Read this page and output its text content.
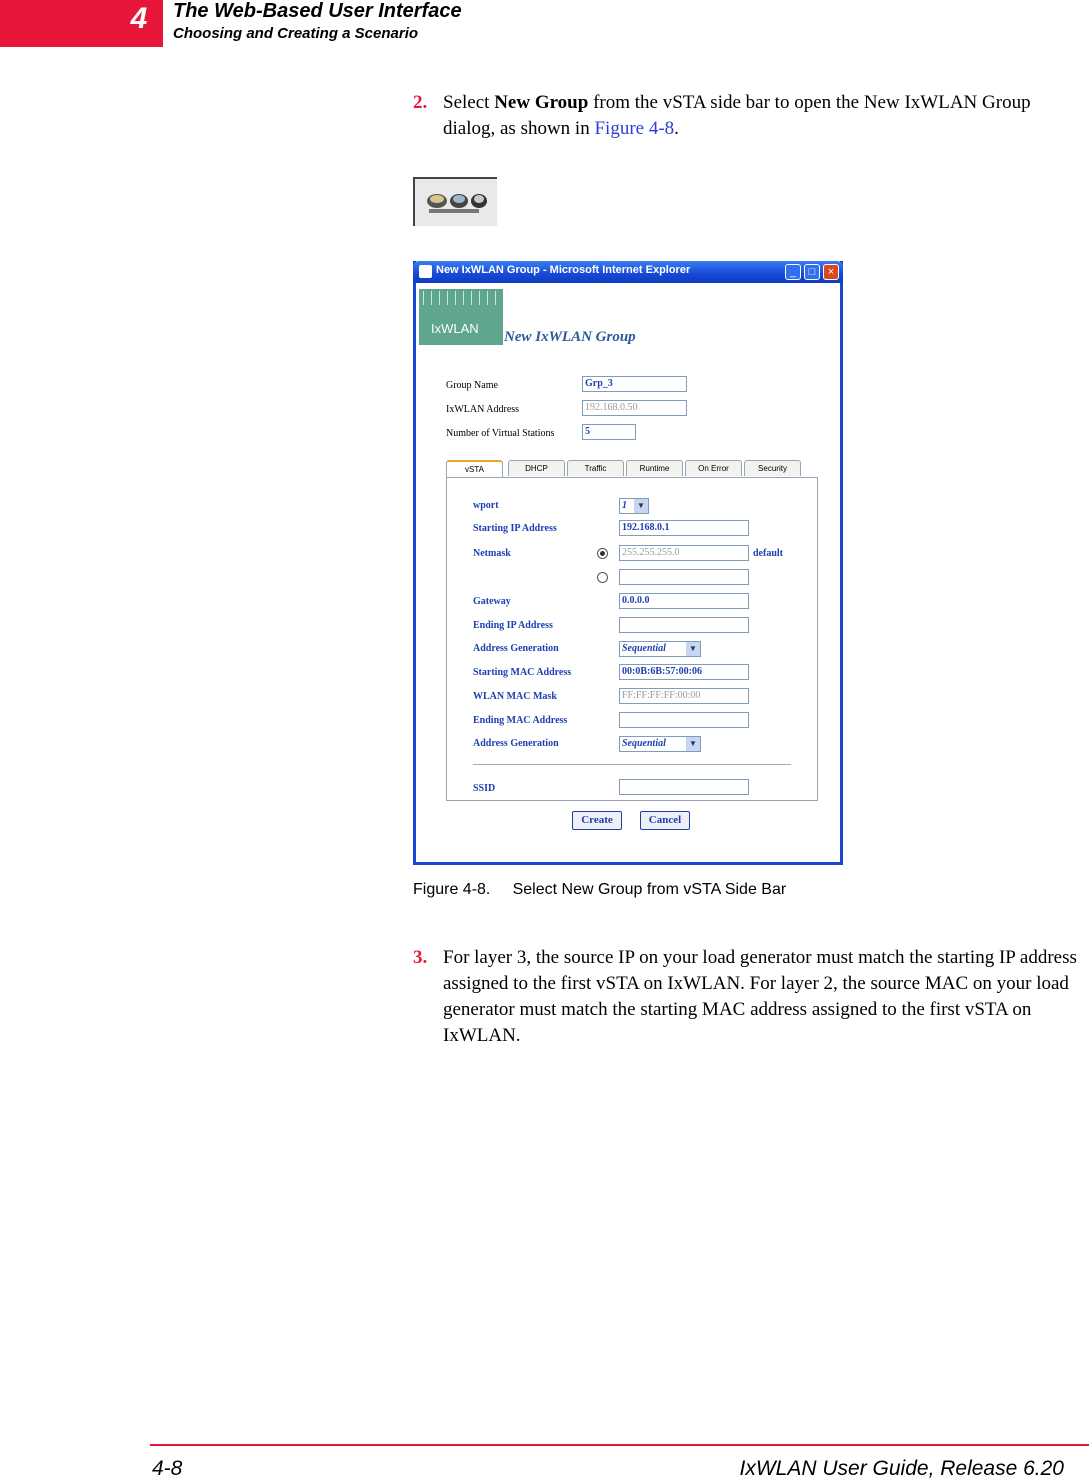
4	The Web-Based User Interface
Choosing and Creating a Scenario
2. Select New Group from the vSTA side bar to open the New IxWLAN Group dialog, as shown in Figure 4-8.
New IxWLAN Group - Microsoft Internet Explorer	_	□	×
IxWLAN
New IxWLAN Group
Group Name	Grp_3
IxWLAN Address	192.168.0.50
Number of Virtual Stations	5
vSTA	DHCP	Traffic	Runtime	On Error	Security
wport	1	▼
Starting IP Address	192.168.0.1
Netmask	255.255.255.0	default
Gateway	0.0.0.0
Ending IP Address
Address Generation	Sequential	▼
Starting MAC Address	00:0B:6B:57:00:06
WLAN MAC Mask	FF:FF:FF:FF:00:00
Ending MAC Address
Address Generation	Sequential	▼
SSID
Create	Cancel
Figure 4-8. Select New Group from vSTA Side Bar
3. For layer 3, the source IP on your load generator must match the starting IP address assigned to the first vSTA on IxWLAN. For layer 2, the source MAC on your load generator must match the starting MAC address assigned to the first vSTA on IxWLAN.
4-8	IxWLAN User Guide, Release 6.20
